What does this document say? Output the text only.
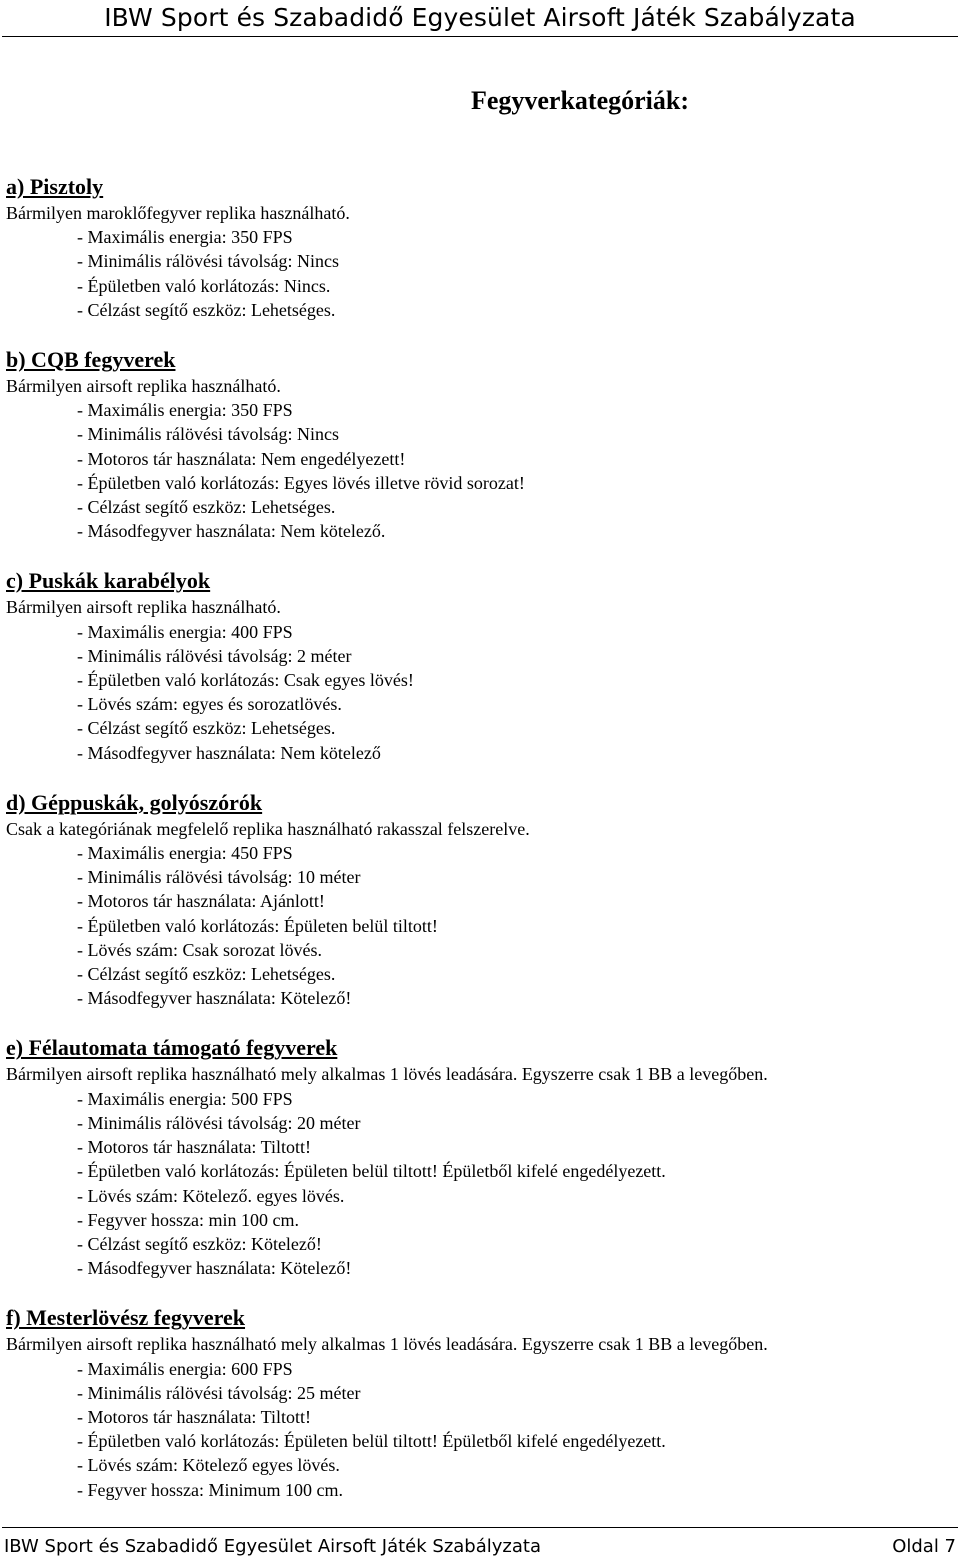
IBW Sport és Szabadidő Egyesület Airsoft Játék Szabályzata
Fegyverkategóriák:
a) Pisztoly
Bármilyen maroklőfegyver replika használható.
- Maximális energia: 350 FPS
- Minimális rálövési távolság: Nincs
- Épületben való korlátozás: Nincs.
- Célzást segítő eszköz: Lehetséges.
b) CQB fegyverek
Bármilyen airsoft replika használható.
- Maximális energia: 350 FPS
- Minimális rálövési távolság: Nincs
- Motoros tár használata: Nem engedélyezett!
- Épületben való korlátozás: Egyes lövés illetve rövid sorozat!
- Célzást segítő eszköz: Lehetséges.
- Másodfegyver használata: Nem kötelező.
c) Puskák karabélyok
Bármilyen airsoft replika használható.
- Maximális energia: 400 FPS
- Minimális rálövési távolság: 2 méter
- Épületben való korlátozás: Csak egyes lövés!
- Lövés szám: egyes és sorozatlövés.
- Célzást segítő eszköz: Lehetséges.
- Másodfegyver használata: Nem kötelező
d) Géppuskák, golyószórók
Csak a kategóriának megfelelő replika használható rakasszal felszerelve.
- Maximális energia: 450 FPS
- Minimális rálövési távolság: 10 méter
- Motoros tár használata: Ajánlott!
- Épületben való korlátozás: Épületen belül tiltott!
- Lövés szám: Csak sorozat lövés.
- Célzást segítő eszköz: Lehetséges.
- Másodfegyver használata: Kötelező!
e) Félautomata támogató fegyverek
Bármilyen airsoft replika használható mely alkalmas 1 lövés leadására. Egyszerre csak 1 BB a levegőben.
- Maximális energia: 500 FPS
- Minimális rálövési távolság: 20 méter
- Motoros tár használata: Tiltott!
- Épületben való korlátozás: Épületen belül tiltott! Épületből kifelé engedélyezett.
- Lövés szám: Kötelező. egyes lövés.
- Fegyver hossza: min 100 cm.
- Célzást segítő eszköz: Kötelező!
- Másodfegyver használata: Kötelező!
f) Mesterlövész fegyverek
Bármilyen airsoft replika használható mely alkalmas 1 lövés leadására. Egyszerre csak 1 BB a levegőben.
- Maximális energia: 600 FPS
- Minimális rálövési távolság: 25 méter
- Motoros tár használata: Tiltott!
- Épületben való korlátozás: Épületen belül tiltott! Épületből kifelé engedélyezett.
- Lövés szám: Kötelező egyes lövés.
- Fegyver hossza: Minimum 100 cm.
IBW Sport és Szabadidő Egyesület Airsoft Játék Szabályzata	Oldal 7
